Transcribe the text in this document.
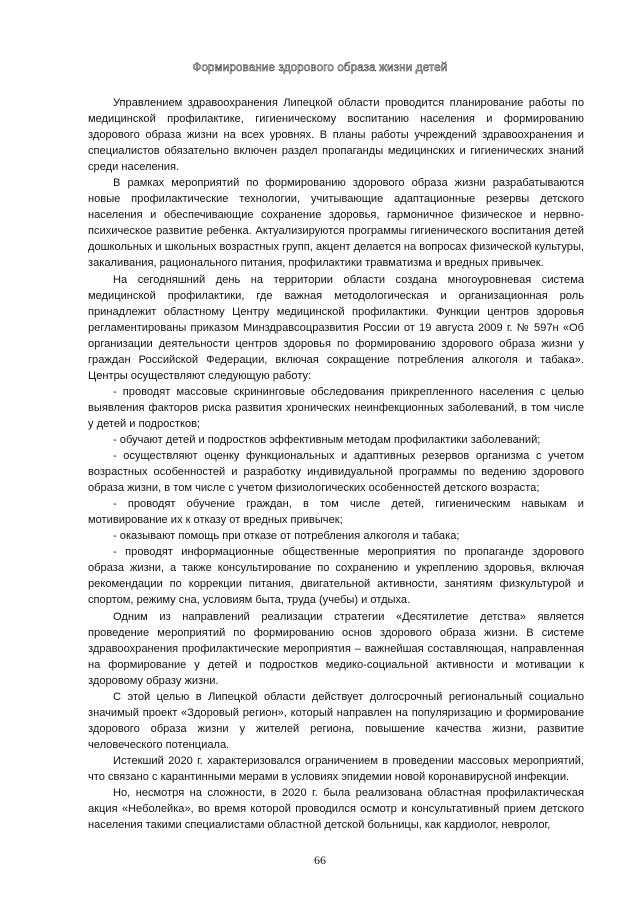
Формирование здорового образа жизни детей

Управлением здравоохранения Липецкой области проводится планирование работы по медицинской профилактике, гигиеническому воспитанию населения и формированию здорового образа жизни на всех уровнях. В планы работы учреждений здравоохранения и специалистов обязательно включен раздел пропаганды медицинских и гигиенических знаний среди населения.

В рамках мероприятий по формированию здорового образа жизни разрабатываются новые профилактические технологии, учитывающие адаптационные резервы детского населения и обеспечивающие сохранение здоровья, гармоничное физическое и нервно-психическое развитие ребенка. Актуализируются программы гигиенического воспитания детей дошкольных и школьных возрастных групп, акцент делается на вопросах физической культуры, закаливания, рационального питания, профилактики травматизма и вредных привычек.

На сегодняшний день на территории области создана многоуровневая система медицинской профилактики, где важная методологическая и организационная роль принадлежит областному Центру медицинской профилактики. Функции центров здоровья регламентированы приказом Минздравсоцразвития России от 19 августа 2009 г. № 597н «Об организации деятельности центров здоровья по формированию здорового образа жизни у граждан Российской Федерации, включая сокращение потребления алкоголя и табака». Центры осуществляют следующую работу:

- проводят массовые скрининговые обследования прикрепленного населения с целью выявления факторов риска развития хронических неинфекционных заболеваний, в том числе у детей и подростков;

- обучают детей и подростков эффективным методам профилактики заболеваний;

- осуществляют оценку функциональных и адаптивных резервов организма с учетом возрастных особенностей и разработку индивидуальной программы по ведению здорового образа жизни, в том числе с учетом физиологических особенностей детского возраста;

- проводят обучение граждан, в том числе детей, гигиеническим навыкам и мотивирование их к отказу от вредных привычек;

- оказывают помощь при отказе от потребления алкоголя и табака;

- проводят информационные общественные мероприятия по пропаганде здорового образа жизни, а также консультирование по сохранению и укреплению здоровья, включая рекомендации по коррекции питания, двигательной активности, занятиям физкультурой и спортом, режиму сна, условиям быта, труда (учебы) и отдыха.

Одним из направлений реализации стратегии «Десятилетие детства» является проведение мероприятий по формированию основ здорового образа жизни. В системе здравоохранения профилактические мероприятия – важнейшая составляющая, направленная на формирование у детей и подростков медико-социальной активности и мотивации к здоровому образу жизни.

С этой целью в Липецкой области действует долгосрочный региональный социально значимый проект «Здоровый регион», который направлен на популяризацию и формирование здорового образа жизни у жителей региона, повышение качества жизни, развитие человеческого потенциала.

Истекший 2020 г. характеризовался ограничением в проведении массовых мероприятий, что связано с карантинными мерами в условиях эпидемии новой коронавирусной инфекции.

Но, несмотря на сложности, в 2020 г. была реализована областная профилактическая акция «Неболейка», во время которой проводился осмотр и консультативный прием детского населения такими специалистами областной детской больницы, как кардиолог, невролог,

66
